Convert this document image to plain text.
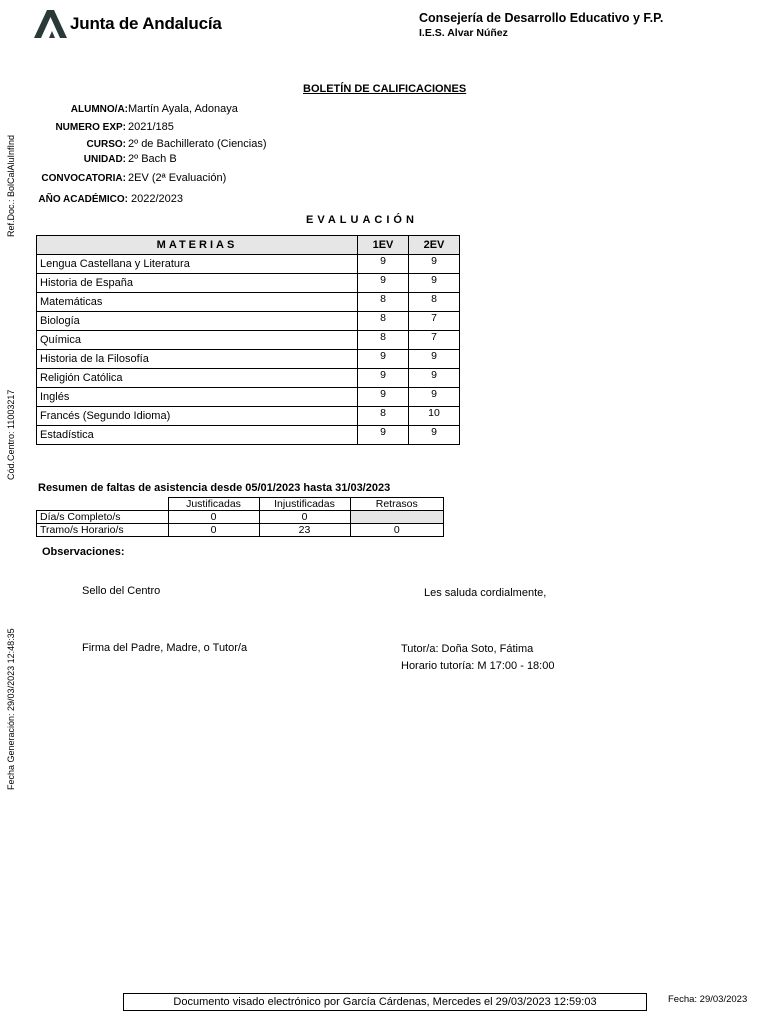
Junta de Andalucía	Consejería de Desarrollo Educativo y F.P.
I.E.S. Alvar Núñez
BOLETÍN DE CALIFICACIONES
ALUMNO/A: Martín Ayala, Adonaya
NUMERO EXP: 2021/185
CURSO: 2º de Bachillerato (Ciencias)
UNIDAD: 2º Bach B
CONVOCATORIA: 2EV (2ª Evaluación)
AÑO ACADÉMICO: 2022/2023
Ref.Doc.: BolCalAluInfInd
Cód.Centro: 11003217
Fecha Generación: 29/03/2023 12:48:35
EVALUACIÓN
MATERIAS	1EV	2EV
Lengua Castellana y Literatura	9	9
Historia de España	9	9
Matemáticas	8	8
Biología	8	7
Química	8	7
Historia de la Filosofía	9	9
Religión Católica	9	9
Inglés	9	9
Francés (Segundo Idioma)	8	10
Estadística	9	9
Resumen de faltas de asistencia desde 05/01/2023 hasta 31/03/2023
	Justificadas	Injustificadas	Retrasos
Día/s Completo/s	0	0	
Tramo/s Horario/s	0	23	0
Observaciones:
Sello del Centro	Les saluda cordialmente,
Firma del Padre, Madre, o Tutor/a	Tutor/a: Doña Soto, Fátima
Horario tutoría: M 17:00 - 18:00
Documento visado electrónico por García Cárdenas, Mercedes el 29/03/2023 12:59:03	Fecha: 29/03/2023
